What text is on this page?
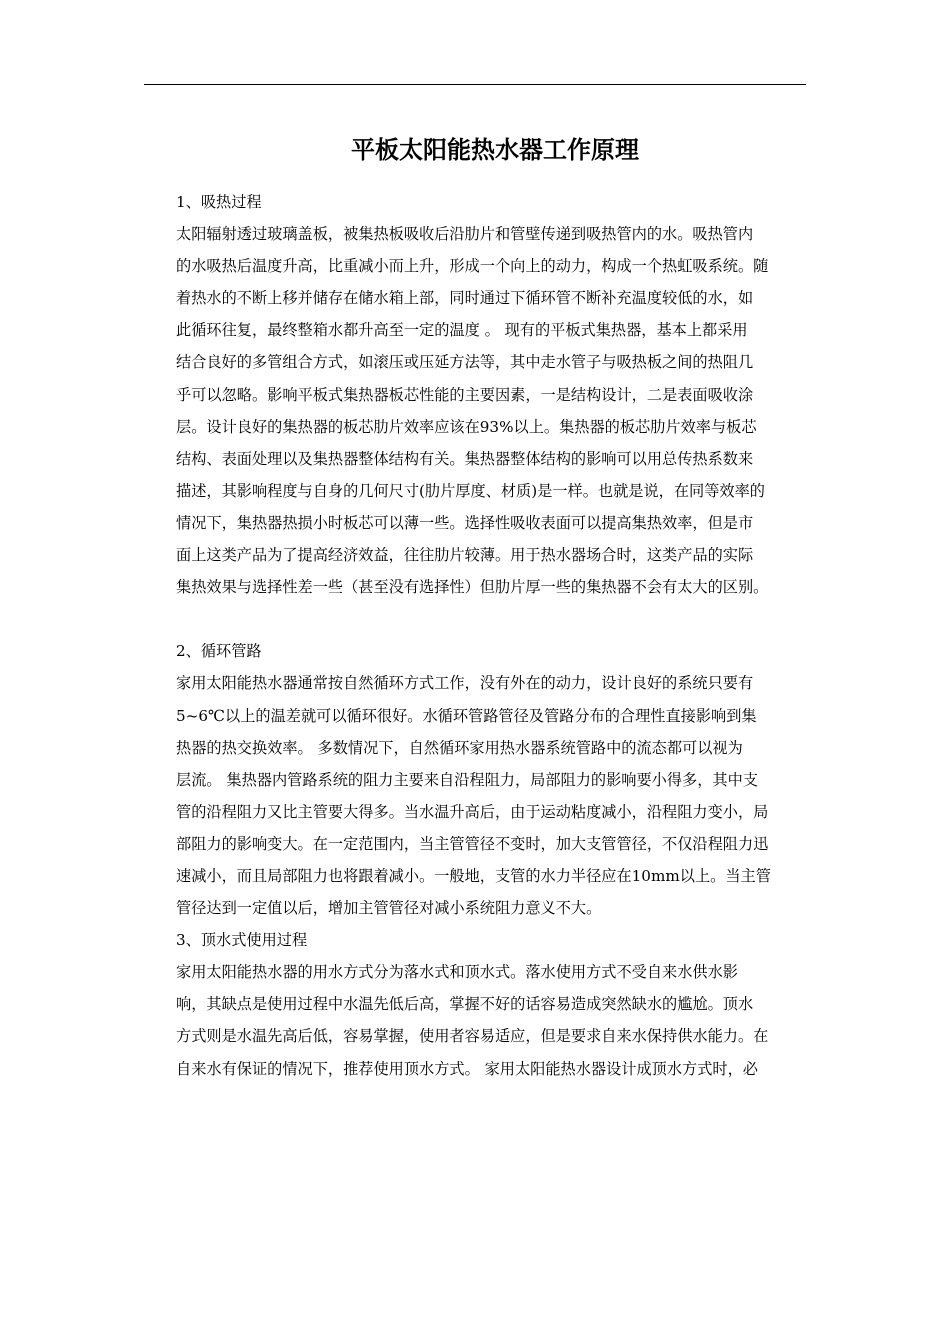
平板太阳能热水器工作原理

1、吸热过程

太阳辐射透过玻璃盖板，被集热板吸收后沿肋片和管壁传递到吸热管内的水。吸热管内

的水吸热后温度升高，比重减小而上升，形成一个向上的动力，构成一个热虹吸系统。随

着热水的不断上移并储存在储水箱上部，同时通过下循环管不断补充温度较低的水，如

此循环往复，最终整箱水都升高至一定的温度 。 现有的平板式集热器，基本上都采用

结合良好的多管组合方式，如滚压或压延方法等，其中走水管子与吸热板之间的热阻几

乎可以忽略。影响平板式集热器板芯性能的主要因素，一是结构设计，二是表面吸收涂

层。设计良好的集热器的板芯肋片效率应该在93%以上。集热器的板芯肋片效率与板芯

结构、表面处理以及集热器整体结构有关。集热器整体结构的影响可以用总传热系数来

描述，其影响程度与自身的几何尺寸(肋片厚度、材质)是一样。也就是说，在同等效率的

情况下，集热器热损小时板芯可以薄一些。选择性吸收表面可以提高集热效率，但是市

面上这类产品为了提高经济效益，往往肋片较薄。用于热水器场合时，这类产品的实际

集热效果与选择性差一些（甚至没有选择性）但肋片厚一些的集热器不会有太大的区别。

2、循环管路

家用太阳能热水器通常按自然循环方式工作，没有外在的动力，设计良好的系统只要有

5~6℃以上的温差就可以循环很好。水循环管路管径及管路分布的合理性直接影响到集

热器的热交换效率。 多数情况下，自然循环家用热水器系统管路中的流态都可以视为

层流。 集热器内管路系统的阻力主要来自沿程阻力，局部阻力的影响要小得多，其中支

管的沿程阻力又比主管要大得多。当水温升高后，由于运动粘度减小，沿程阻力变小，局

部阻力的影响变大。在一定范围内，当主管管径不变时，加大支管管径，不仅沿程阻力迅

速减小，而且局部阻力也将跟着减小。一般地，支管的水力半径应在10mm以上。当主管

管径达到一定值以后，增加主管管径对减小系统阻力意义不大。

3、顶水式使用过程

家用太阳能热水器的用水方式分为落水式和顶水式。落水使用方式不受自来水供水影

响，其缺点是使用过程中水温先低后高，掌握不好的话容易造成突然缺水的尴尬。顶水

方式则是水温先高后低，容易掌握，使用者容易适应，但是要求自来水保持供水能力。在

自来水有保证的情况下，推荐使用顶水方式。 家用太阳能热水器设计成顶水方式时，必
